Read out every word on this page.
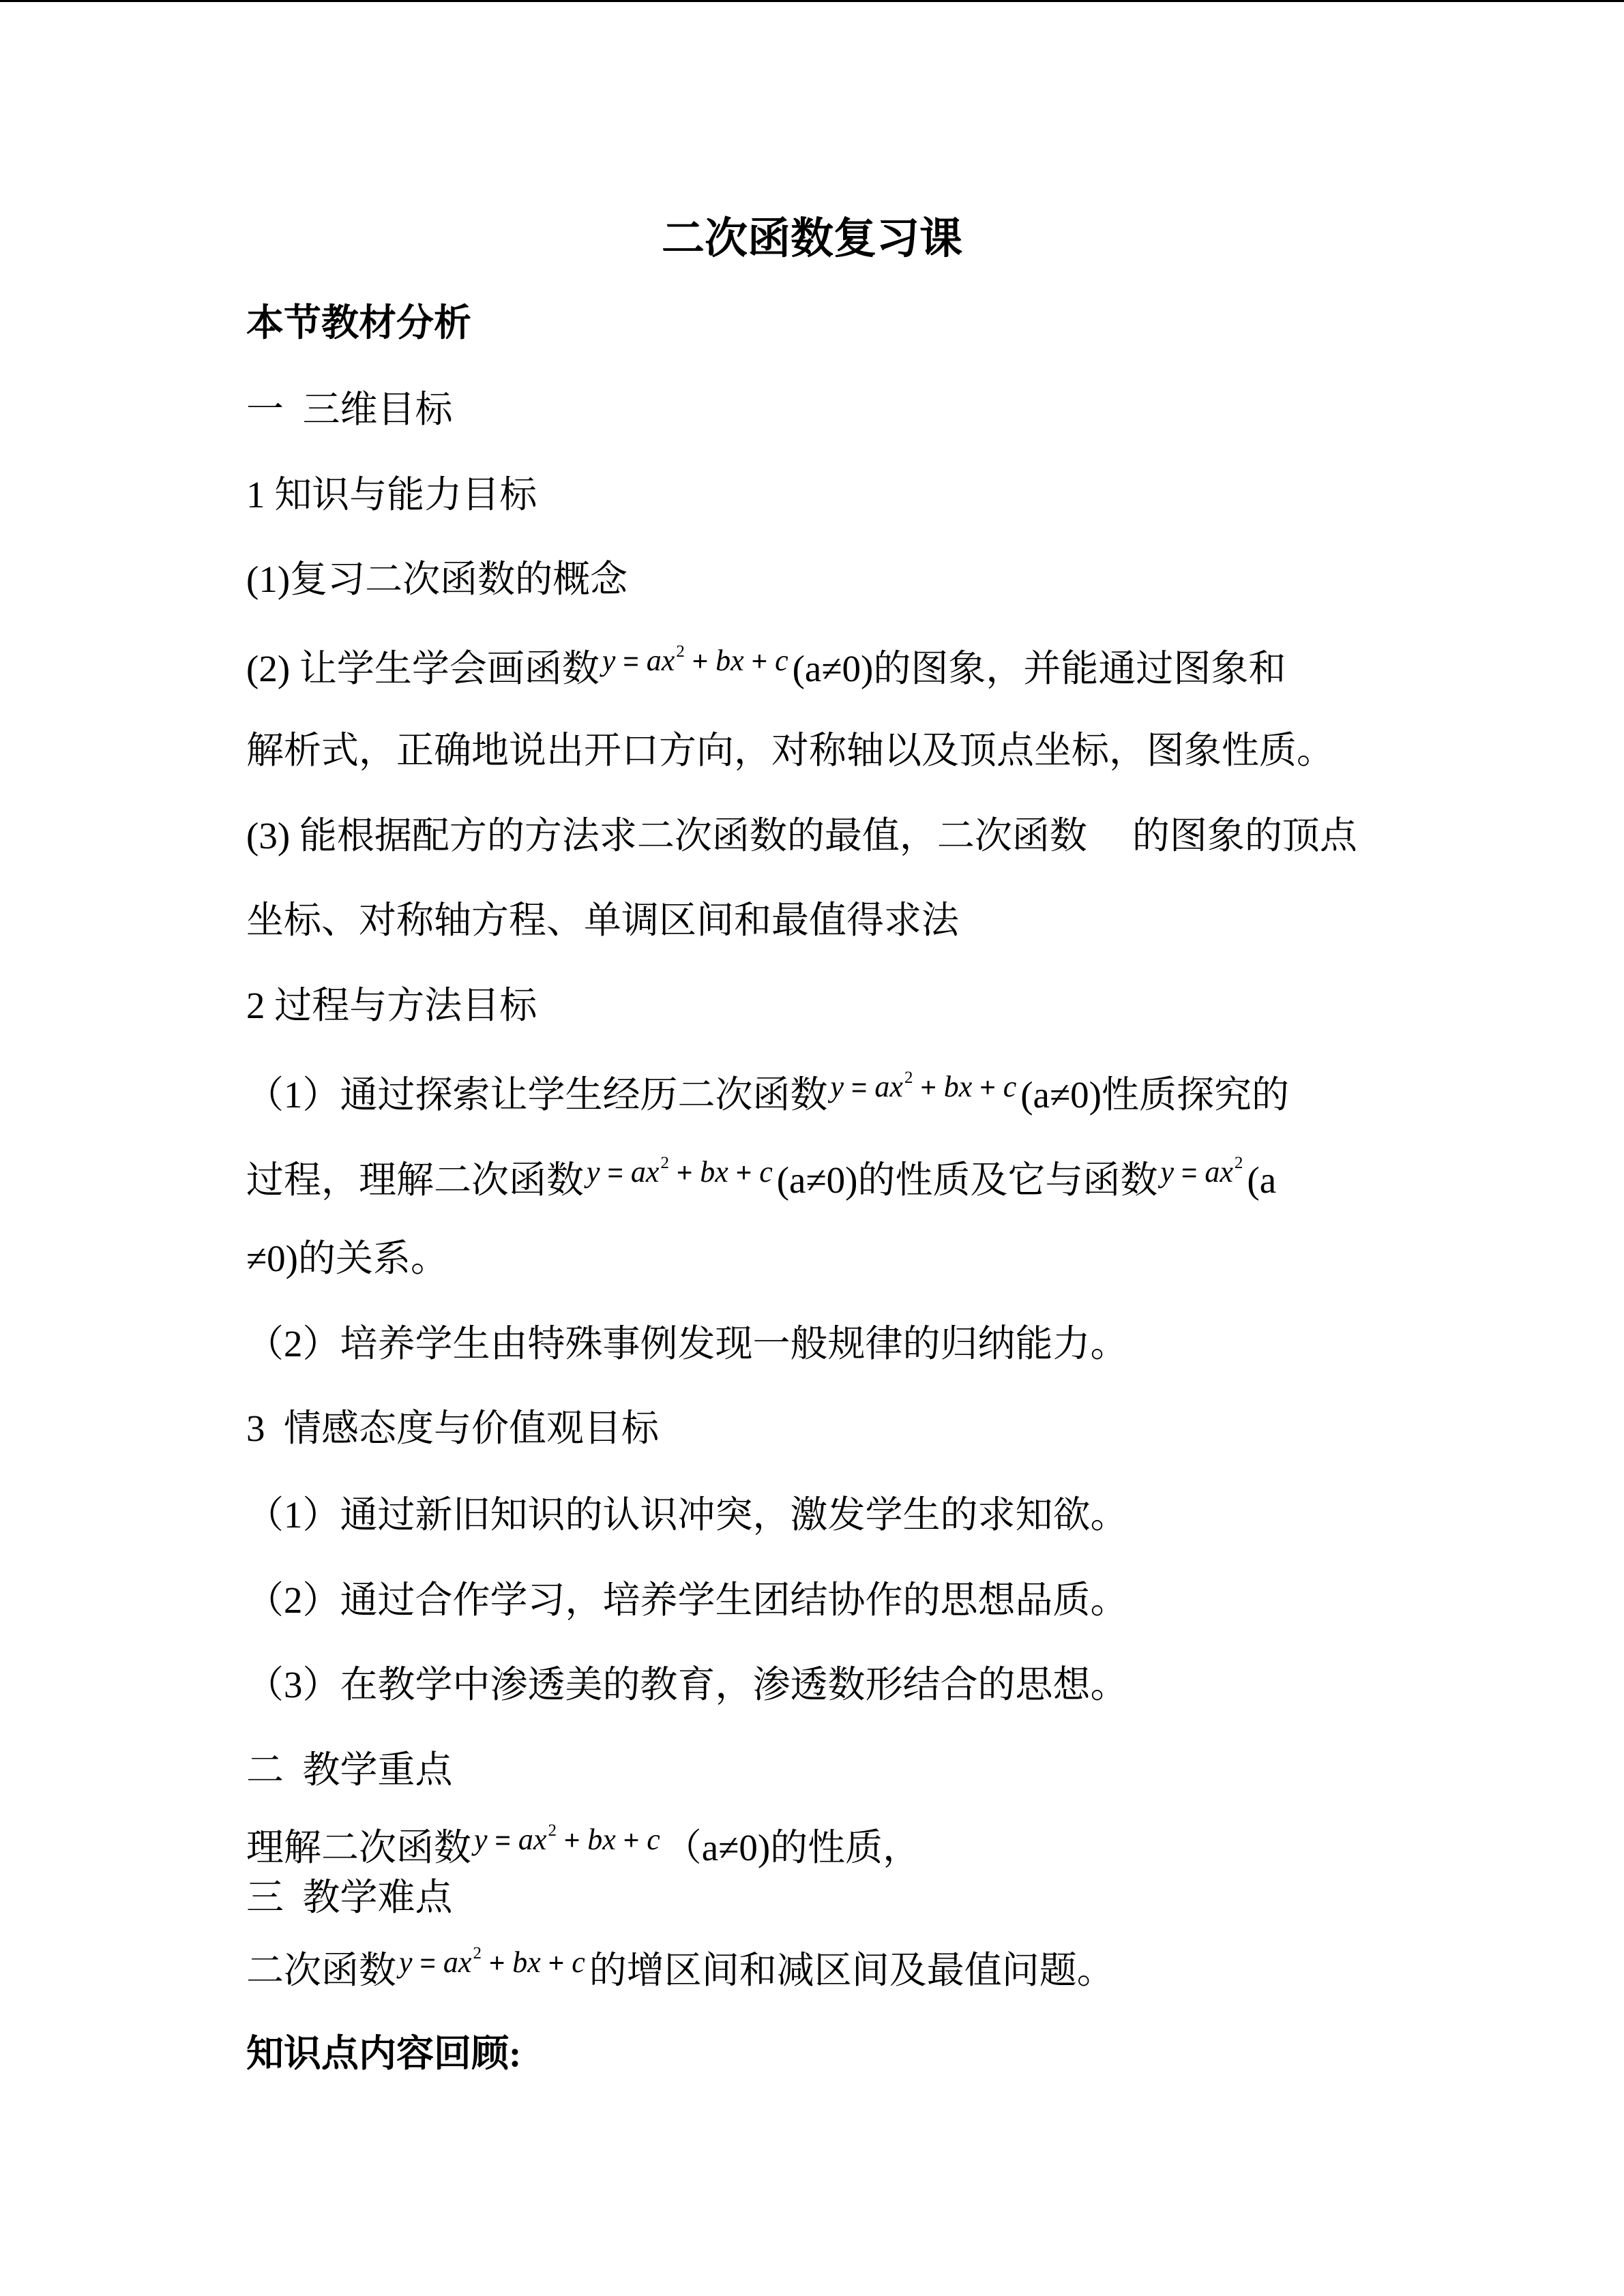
二次函数复习课
本节教材分析
一  三维目标
1 知识与能力目标
(1)复习二次函数的概念
(2) 让学生学会画函数$y = ax^2$ + bx + c (a≠0)的图象，并能通过图象和
解析式，正确地说出开口方向，对称轴以及顶点坐标，图象性质。
(3) 能根据配方的方法求二次函数的最值，二次函数 的图象的顶点
坐标、对称轴方程、单调区间和最值得求法
2 过程与方法目标
（1）通过探索让学生经历二次函数$y = ax^2$ + bx + c (a≠0)性质探究的
过程，理解二次函数$y = ax^2$ + bx + c (a≠0)的性质及它与函数$y = ax^2$ (a
≠0)的关系。
（2）培养学生由特殊事例发现一般规律的归纳能力。
3  情感态度与价值观目标
（1）通过新旧知识的认识冲突，激发学生的求知欲。
（2）通过合作学习，培养学生团结协作的思想品质。
（3）在教学中渗透美的教育，渗透数形结合的思想。
二  教学重点
理解二次函数$y = ax^2$ + bx + c （a≠0)的性质，
三  教学难点
二次函数$y = ax^2$ + bx + c 的增区间和减区间及最值问题。
知识点内容回顾:
